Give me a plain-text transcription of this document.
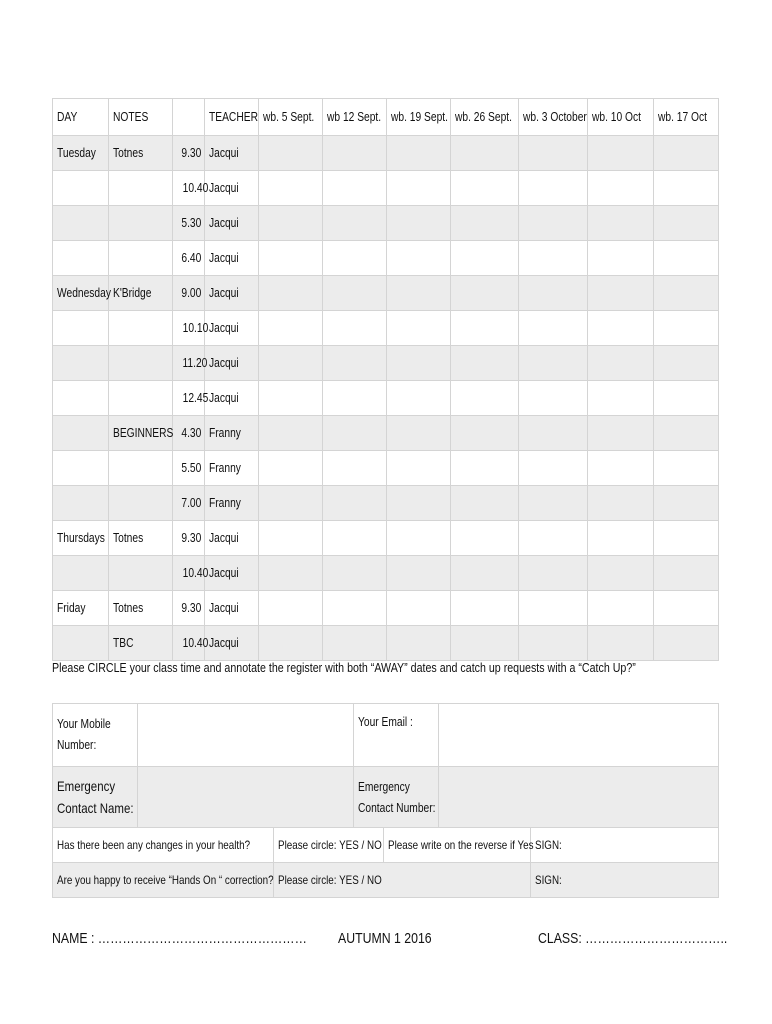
DAY	NOTES		TEACHER	wb. 5 Sept.	wb 12 Sept.	wb. 19 Sept.	wb. 26 Sept.	wb. 3 October	wb. 10 Oct	wb. 17 Oct
Tuesday	Totnes	9.30	Jacqui							
		10.40	Jacqui							
		5.30	Jacqui							
		6.40	Jacqui							
Wednesday	K'Bridge	9.00	Jacqui							
		10.10	Jacqui							
		11.20	Jacqui							
		12.45	Jacqui							
	BEGINNERS	4.30	Franny							
		5.50	Franny							
		7.00	Franny							
Thursdays	Totnes	9.30	Jacqui							
		10.40	Jacqui							
Friday	Totnes	9.30	Jacqui							
	TBC	10.40	Jacqui							
Please CIRCLE your class time and annotate the register with both “AWAY” dates and catch up requests with a “Catch Up?”
Your Mobile
Number:		Your Email :	
Emergency
Contact Name:		Emergency
Contact Number:	
Has there been any changes in your health?	Please circle: YES / NO	Please write on the reverse if Yes	SIGN:
Are you happy to receive “Hands On “ correction?	Please circle: YES / NO		SIGN:
NAME : ……………………………………………	AUTUMN 1 2016	CLASS: ……………………………..
